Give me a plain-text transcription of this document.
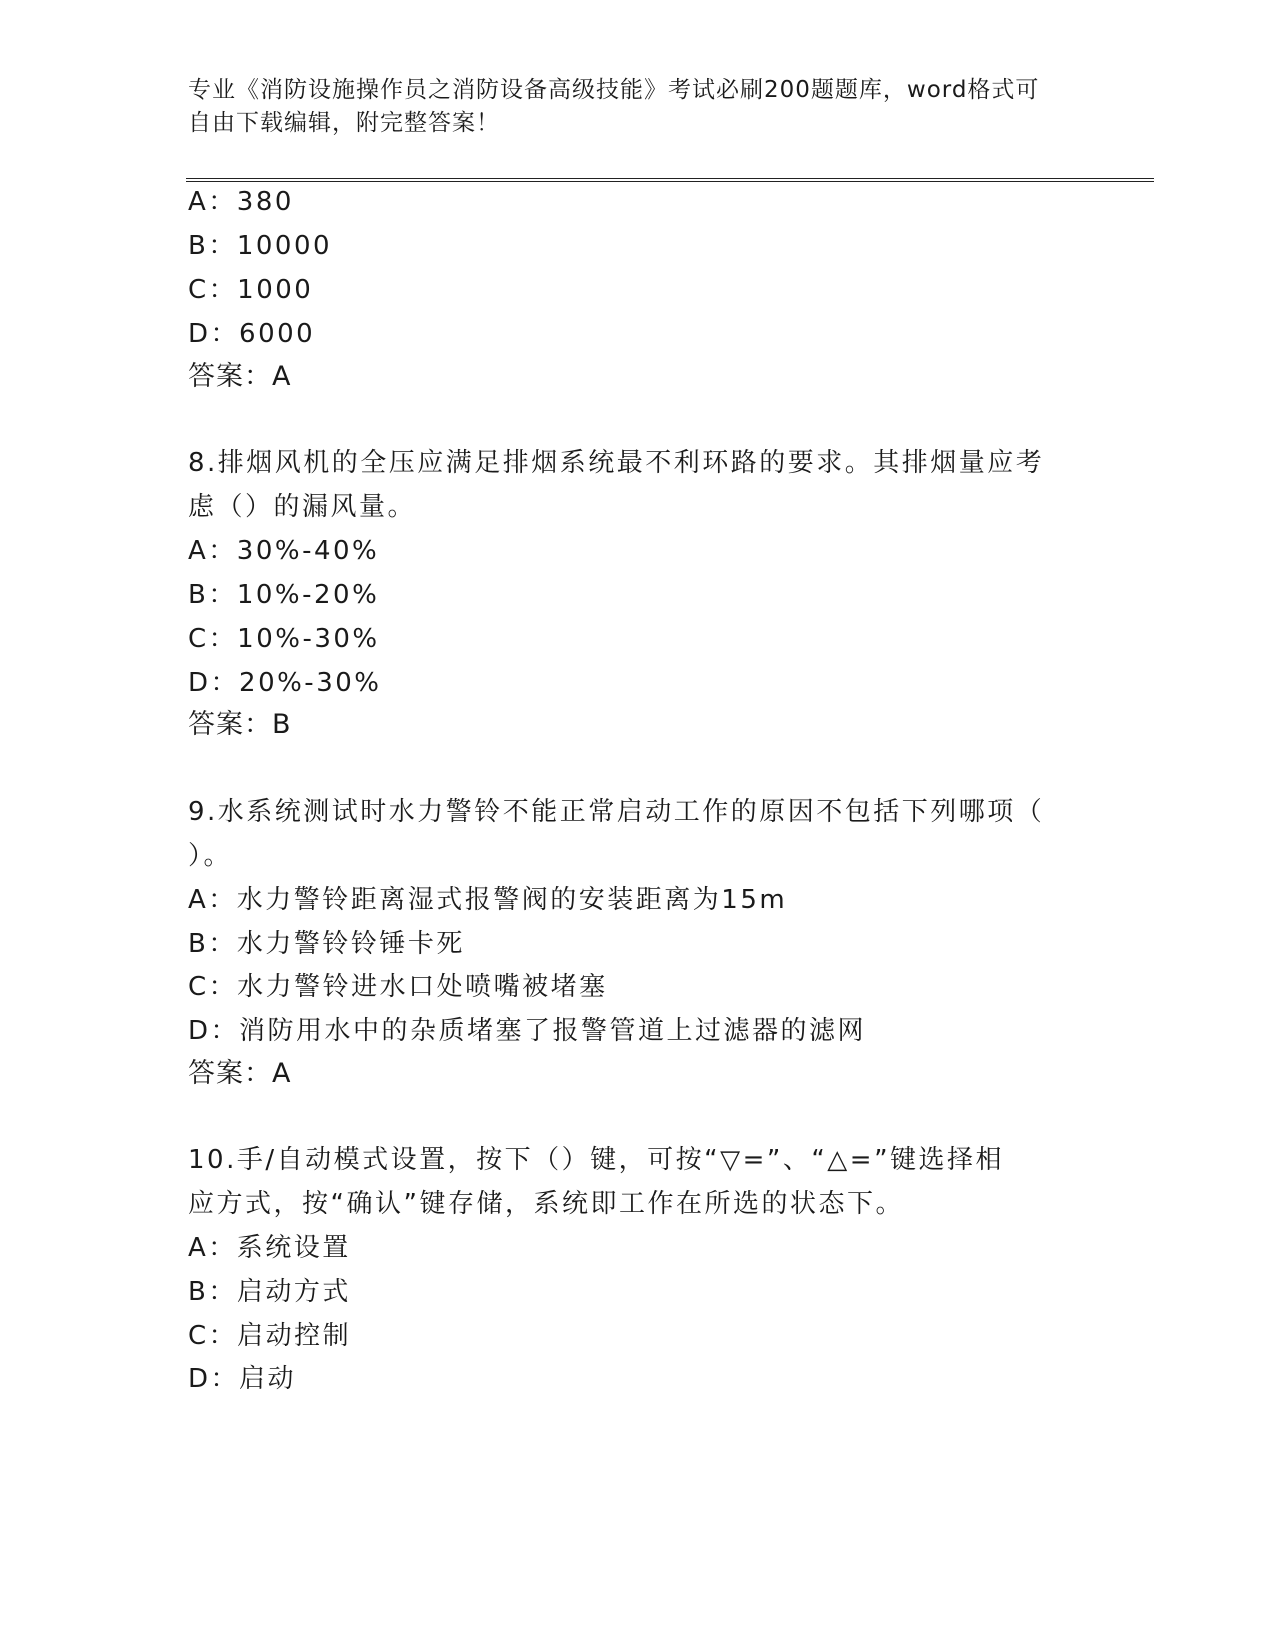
专业《消防设施操作员之消防设备高级技能》考试必刷200题题库，word格式可
自由下载编辑，附完整答案！
A：380
B：10000
C：1000
D：6000
答案：A
8.排烟风机的全压应满足排烟系统最不利环路的要求。其排烟量应考
虑（）的漏风量。
A：30%-40%
B：10%-20%
C：10%-30%
D：20%-30%
答案：B
9.水系统测试时水力警铃不能正常启动工作的原因不包括下列哪项（
）。
A：水力警铃距离湿式报警阀的安装距离为15m
B：水力警铃铃锤卡死
C：水力警铃进水口处喷嘴被堵塞
D：消防用水中的杂质堵塞了报警管道上过滤器的滤网
答案：A
10.手/自动模式设置，按下（）键，可按“▽=”、“△=”键选择相
应方式，按“确认”键存储，系统即工作在所选的状态下。
A：系统设置
B：启动方式
C：启动控制
D：启动
